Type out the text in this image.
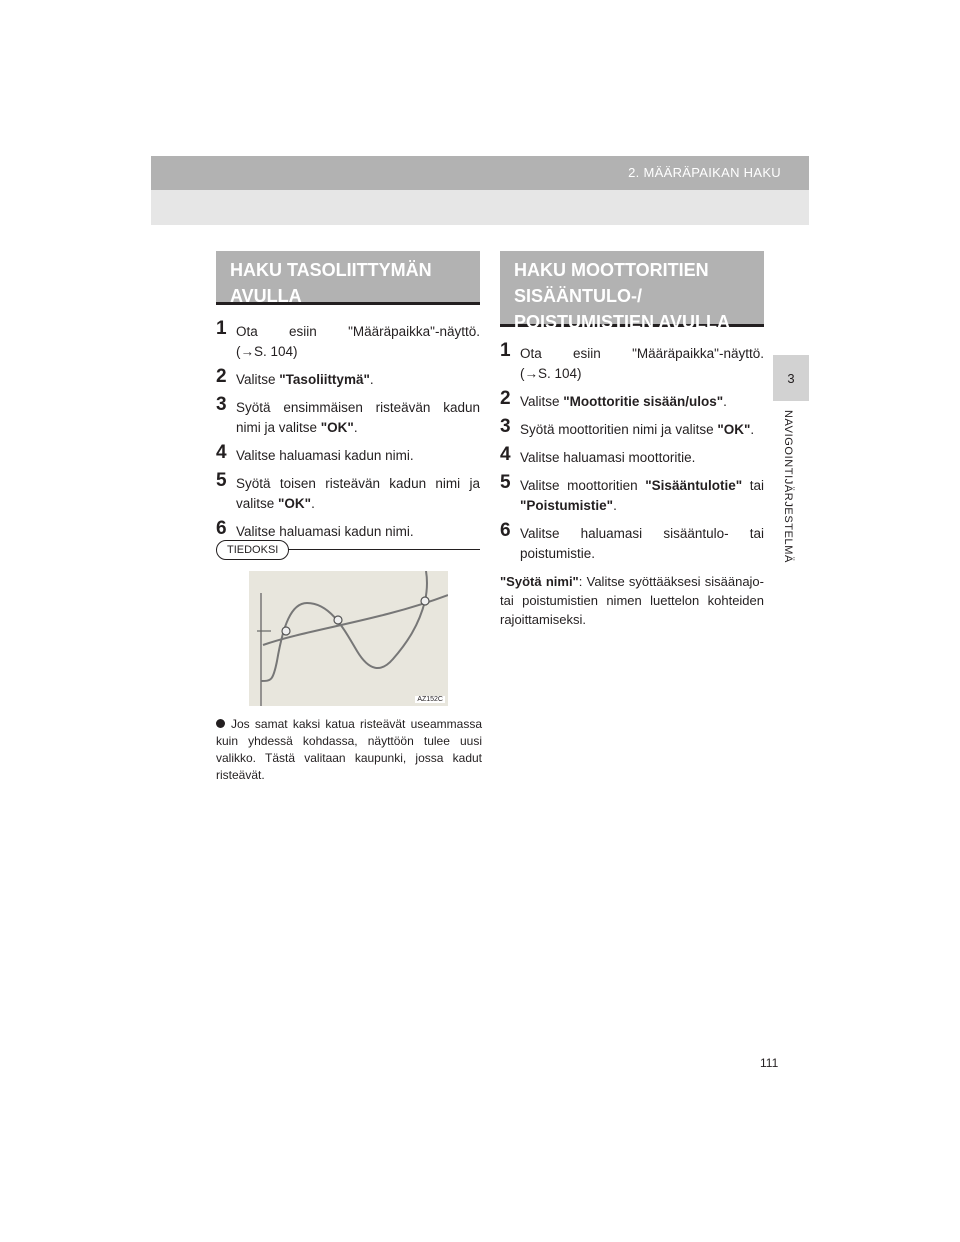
2. MÄÄRÄPAIKAN HAKU
3
NAVIGOINTIJÄRJESTELMÄ
HAKU TASOLIITTYMÄN
AVULLA
1 Ota esiin "Määräpaikka"-näyttö.
(→S. 104)
2 Valitse "Tasoliittymä".
3 Syötä ensimmäisen risteävän kadun nimi ja valitse "OK".
4 Valitse haluamasi kadun nimi.
5 Syötä toisen risteävän kadun nimi ja valitse "OK".
6 Valitse haluamasi kadun nimi.
TIEDOKSI
AZ152C
Jos samat kaksi katua risteävät useammassa kuin yhdessä kohdassa, näyttöön tulee uusi valikko. Tästä valitaan kaupunki, jossa kadut risteävät.
HAKU MOOTTORITIEN
SISÄÄNTULO-/
POISTUMISTIEN AVULLA
1 Ota esiin "Määräpaikka"-näyttö.
(→S. 104)
2 Valitse "Moottoritie sisään/ulos".
3 Syötä moottoritien nimi ja valitse "OK".
4 Valitse haluamasi moottoritie.
5 Valitse moottoritien "Sisääntulotie" tai "Poistumistie".
6 Valitse haluamasi sisääntulo- tai poistumistie.
"Syötä nimi": Valitse syöttääksesi sisäänajo- tai poistumistien nimen luettelon kohteiden rajoittamiseksi.
111
